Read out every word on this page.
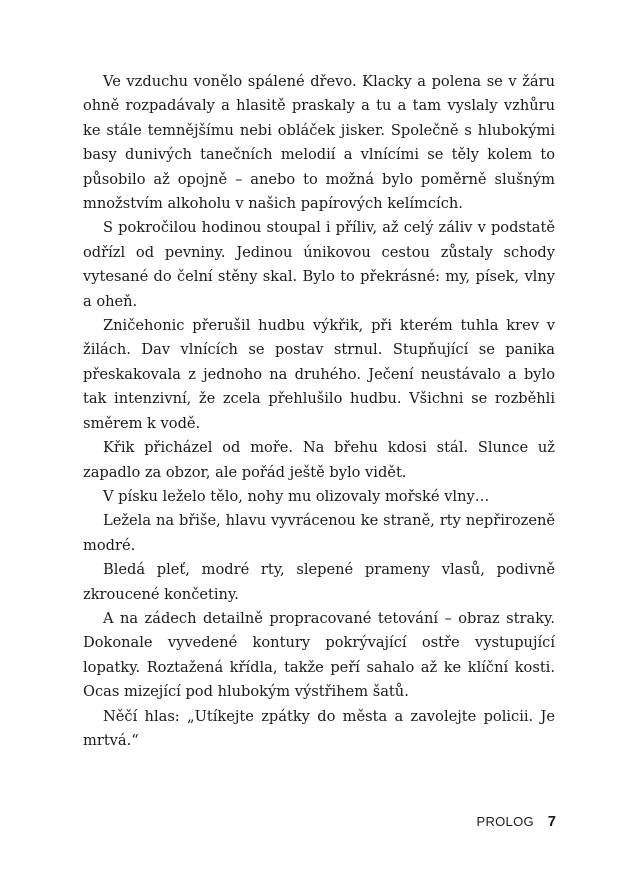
Ve vzduchu vonělo spálené dřevo. Klacky a polena se v žáru ohně rozpadávaly a hlasitě praskaly a tu a tam vyslaly vzhůru ke stále temnějšímu nebi obláček jisker. Společně s hlubokými basy dunivých tanečních melodií a vlnícími se těly kolem to působilo až opojně – anebo to možná bylo poměrně slušným množstvím alkoholu v našich papírových kelímcích.

S pokročilou hodinou stoupal i příliv, až celý záliv v podstatě odřízl od pevniny. Jedinou únikovou cestou zůstaly schody vytesané do čelní stěny skal. Bylo to překrásné: my, písek, vlny a oheň.

Zničehonic přerušil hudbu výkřik, při kterém tuhla krev v žilách. Dav vlnících se postav strnul. Stupňující se panika přeskakovala z jednoho na druhého. Ječení neustávalo a bylo tak intenzivní, že zcela přehlušilo hudbu. Všichni se rozběhli směrem k vodě.

Křik přicházel od moře. Na břehu kdosi stál. Slunce už zapadlo za obzor, ale pořád ještě bylo vidět.

V písku leželo tělo, nohy mu olizovaly mořské vlny…

Ležela na břiše, hlavu vyvrácenou ke straně, rty nepřirozeně modré.

Bledá pleť, modré rty, slepené prameny vlasů, podivně zkroucené končetiny.

A na zádech detailně propracované tetování – obraz straky. Dokonale vyvedené kontury pokrývající ostře vystupující lopatky. Roztažená křídla, takže peří sahalo až ke klíční kosti. Ocas mizející pod hlubokým výstřihem šatů.

Něčí hlas: „Utíkejte zpátky do města a zavolejte policii. Je mrtvá.“

PROLOG 7
